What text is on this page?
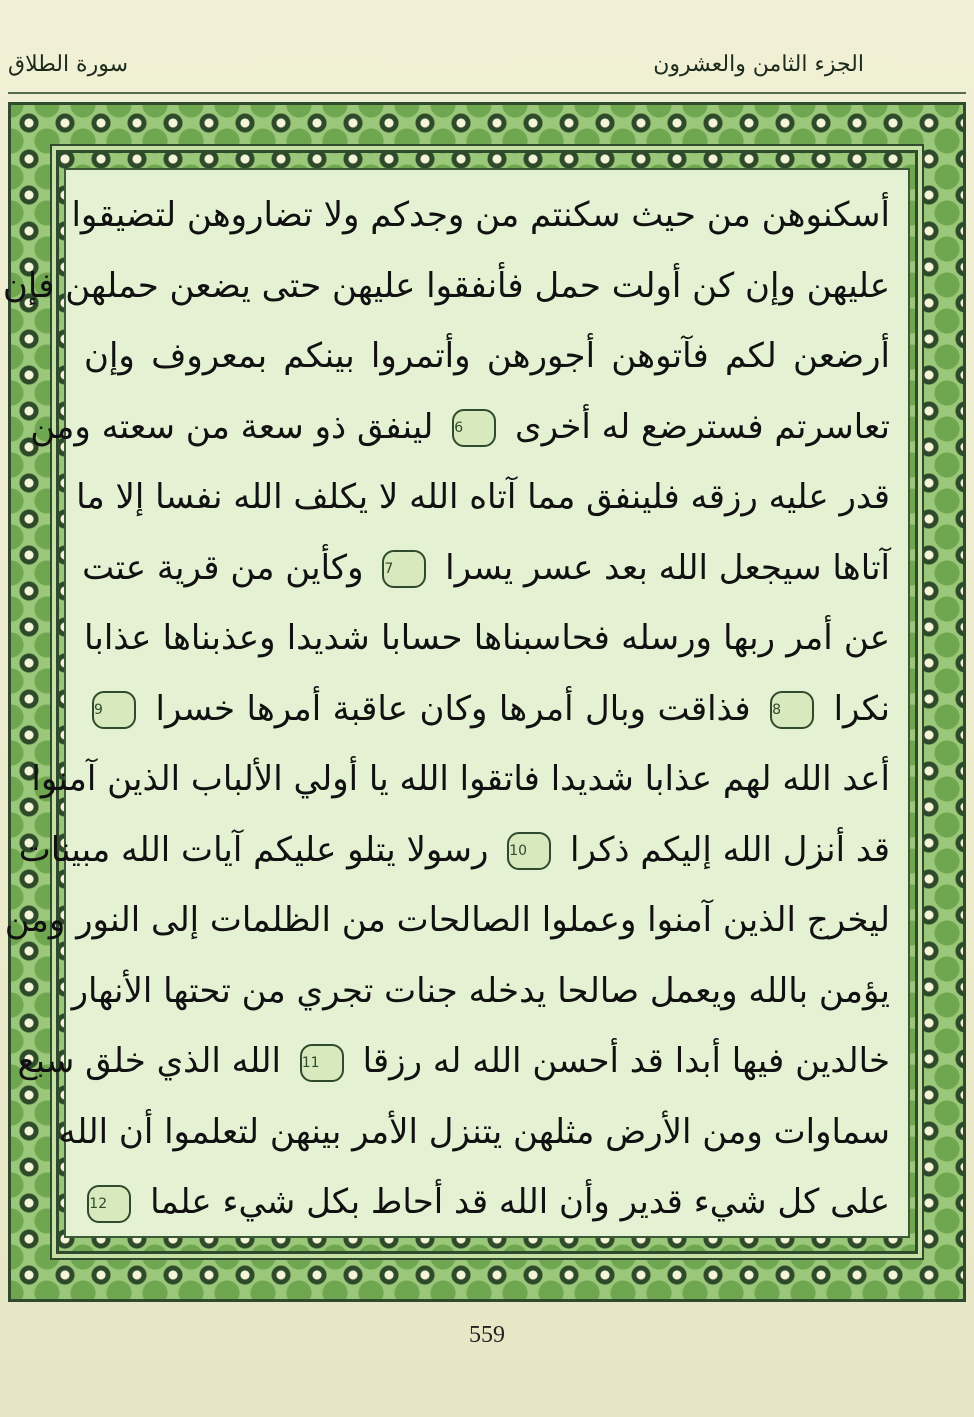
الجزء الثامن والعشرون
سورة الطلاق
أسكنوهن من حيث سكنتم من وجدكم ولا تضاروهن لتضيقوا
عليهن وإن كن أولت حمل فأنفقوا عليهن حتى يضعن حملهن فإن
أرضعن لكم فآتوهن أجورهن وأتمروا بينكم بمعروف وإن
تعاسرتم فسترضع له أخرى 6 لينفق ذو سعة من سعته ومن
قدر عليه رزقه فلينفق مما آتاه الله لا يكلف الله نفسا إلا ما
آتاها سيجعل الله بعد عسر يسرا 7 وكأين من قرية عتت
عن أمر ربها ورسله فحاسبناها حسابا شديدا وعذبناها عذابا
نكرا 8 فذاقت وبال أمرها وكان عاقبة أمرها خسرا 9
أعد الله لهم عذابا شديدا فاتقوا الله يا أولي الألباب الذين آمنوا
قد أنزل الله إليكم ذكرا 10 رسولا يتلو عليكم آيات الله مبينات
ليخرج الذين آمنوا وعملوا الصالحات من الظلمات إلى النور ومن
يؤمن بالله ويعمل صالحا يدخله جنات تجري من تحتها الأنهار
خالدين فيها أبدا قد أحسن الله له رزقا 11 الله الذي خلق سبع
سماوات ومن الأرض مثلهن يتنزل الأمر بينهن لتعلموا أن الله
على كل شيء قدير وأن الله قد أحاط بكل شيء علما 12
559
